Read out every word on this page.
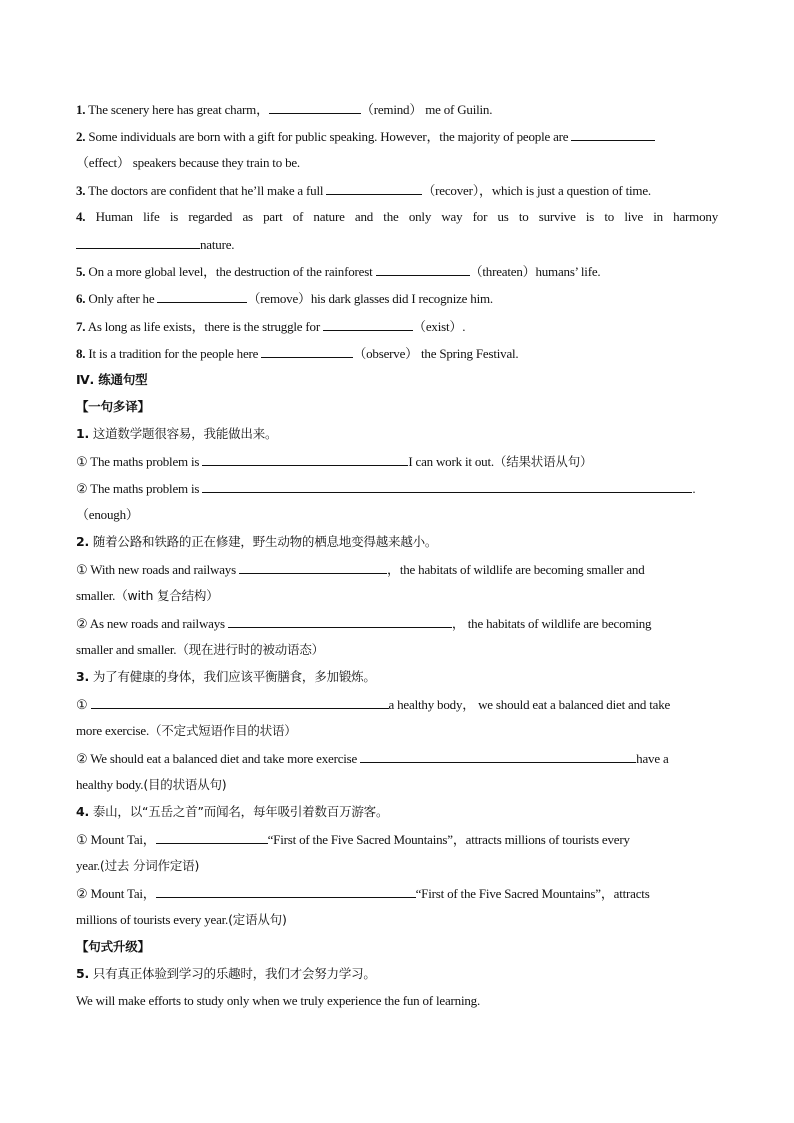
1. The scenery here has great charm，	（remind） me of Guilin.
2. Some individuals are born with a gift for public speaking. However，the majority of people are
（effect） speakers because they train to be.
3. The doctors are confident that he’ll make a full	（recover），which is just a question of time.
4. Human life is regarded as part of nature and the only way for us to survive is to live in harmony
nature.
5. On a more global level，the destruction of the rainforest	（threaten）humans’ life.
6. Only after he	（remove）his dark glasses did I recognize him.
7. As long as life exists，there is the struggle for	（exist）.
8. It is a tradition for the people here	（observe） the Spring Festival.
Ⅳ. 练通句型
【一句多译】
1. 这道数学题很容易，我能做出来。
① The maths problem is	I can work it out.（结果状语从句）
② The maths problem is	.
（enough）
2. 随着公路和铁路的正在修建，野生动物的栖息地变得越来越小。
① With new roads and railways	，the habitats of wildlife are becoming smaller and
smaller.（with 复合结构）
② As new roads and railways	， the habitats of wildlife are becoming
smaller and smaller.（现在进行时的被动语态）
3. 为了有健康的身体，我们应该平衡膳食，多加锻炼。
①	a healthy body， we should eat a balanced diet and take
more exercise.（不定式短语作目的状语）
② We should eat a balanced diet and take more exercise	have a
healthy body.(目的状语从句)
4. 泰山，以“五岳之首”而闻名，每年吸引着数百万游客。
① Mount Tai，	“First of the Five Sacred Mountains”，attracts millions of tourists every
year.(过去 分词作定语)
② Mount Tai，	“First of the Five Sacred Mountains”，attracts
millions of tourists every year.(定语从句)
【句式升级】
5. 只有真正体验到学习的乐趣时，我们才会努力学习。
We will make efforts to study only when we truly experience the fun of learning.
